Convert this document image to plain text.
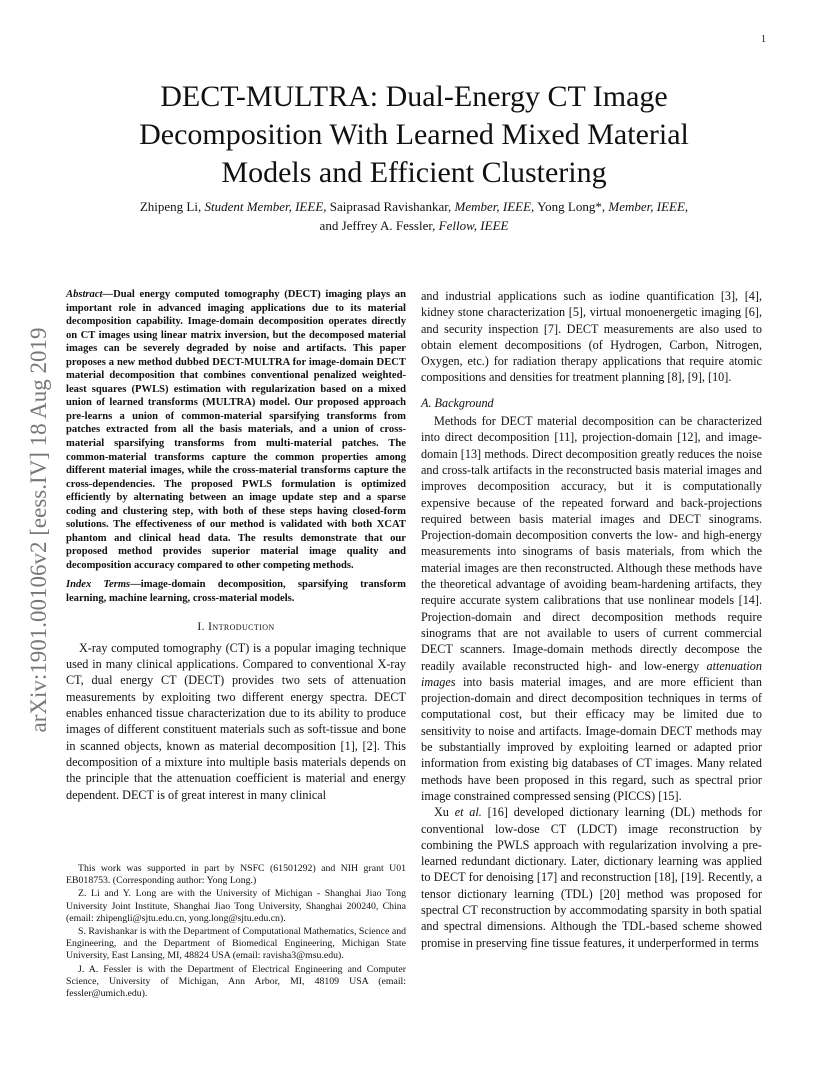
1
DECT-MULTRA: Dual-Energy CT Image
Decomposition With Learned Mixed Material
Models and Efficient Clustering
Zhipeng Li, Student Member, IEEE, Saiprasad Ravishankar, Member, IEEE, Yong Long*, Member, IEEE,
and Jeffrey A. Fessler, Fellow, IEEE
arXiv:1901.00106v2 [eess.IV] 18 Aug 2019
Abstract—Dual energy computed tomography (DECT) imaging plays an important role in advanced imaging applications due to its material decomposition capability. Image-domain decomposition operates directly on CT images using linear matrix inversion, but the decomposed material images can be severely degraded by noise and artifacts. This paper proposes a new method dubbed DECT-MULTRA for image-domain DECT material decomposition that combines conventional penalized weighted-least squares (PWLS) estimation with regularization based on a mixed union of learned transforms (MULTRA) model. Our proposed approach pre-learns a union of common-material sparsifying transforms from patches extracted from all the basis materials, and a union of cross-material sparsifying transforms from multi-material patches. The common-material transforms capture the common properties among different material images, while the cross-material transforms capture the cross-dependencies. The proposed PWLS formulation is optimized efficiently by alternating between an image update step and a sparse coding and clustering step, with both of these steps having closed-form solutions. The effectiveness of our method is validated with both XCAT phantom and clinical head data. The results demonstrate that our proposed method provides superior material image quality and decomposition accuracy compared to other competing methods.
Index Terms—image-domain decomposition, sparsifying transform learning, machine learning, cross-material models.
I. Introduction

X-ray computed tomography (CT) is a popular imaging technique used in many clinical applications. Compared to conventional X-ray CT, dual energy CT (DECT) provides two sets of attenuation measurements by exploiting two different energy spectra. DECT enables enhanced tissue characterization due to its ability to produce images of different constituent materials such as soft-tissue and bone in scanned objects, known as material decomposition [1], [2]. This decomposition of a mixture into multiple basis materials depends on the principle that the attenuation coefficient is material and energy dependent. DECT is of great interest in many clinical

This work was supported in part by NSFC (61501292) and NIH grant U01 EB018753. (Corresponding author: Yong Long.)

Z. Li and Y. Long are with the University of Michigan - Shanghai Jiao Tong University Joint Institute, Shanghai Jiao Tong University, Shanghai 200240, China (email: zhipengli@sjtu.edu.cn, yong.long@sjtu.edu.cn).

S. Ravishankar is with the Department of Computational Mathematics, Science and Engineering, and the Department of Biomedical Engineering, Michigan State University, East Lansing, MI, 48824 USA (email: ravisha3@msu.edu).

J. A. Fessler is with the Department of Electrical Engineering and Computer Science, University of Michigan, Ann Arbor, MI, 48109 USA (email: fessler@umich.edu).

and industrial applications such as iodine quantification [3], [4], kidney stone characterization [5], virtual monoenergetic imaging [6], and security inspection [7]. DECT measurements are also used to obtain element decompositions (of Hydrogen, Carbon, Nitrogen, Oxygen, etc.) for radiation therapy applications that require atomic compositions and densities for treatment planning [8], [9], [10].

A. Background

Methods for DECT material decomposition can be characterized into direct decomposition [11], projection-domain [12], and image-domain [13] methods. Direct decomposition greatly reduces the noise and cross-talk artifacts in the reconstructed basis material images and improves decomposition accuracy, but it is computationally expensive because of the repeated forward and back-projections required between basis material images and DECT sinograms. Projection-domain decomposition converts the low- and high-energy measurements into sinograms of basis materials, from which the material images are then reconstructed. Although these methods have the theoretical advantage of avoiding beam-hardening artifacts, they require accurate system calibrations that use nonlinear models [14]. Projection-domain and direct decomposition methods require sinograms that are not available to users of current commercial DECT scanners. Image-domain methods directly decompose the readily available reconstructed high- and low-energy attenuation images into basis material images, and are more efficient than projection-domain and direct decomposition techniques in terms of computational cost, but their efficacy may be limited due to sensitivity to noise and artifacts. Image-domain DECT methods may be substantially improved by exploiting learned or adapted prior information from existing big databases of CT images. Many related methods have been proposed in this regard, such as spectral prior image constrained compressed sensing (PICCS) [15].

Xu et al. [16] developed dictionary learning (DL) methods for conventional low-dose CT (LDCT) image reconstruction by combining the PWLS approach with regularization involving a pre-learned redundant dictionary. Later, dictionary learning was applied to DECT for denoising [17] and reconstruction [18], [19]. Recently, a tensor dictionary learning (TDL) [20] method was proposed for spectral CT reconstruction by accommodating sparsity in both spatial and spectral dimensions. Although the TDL-based scheme showed promise in preserving fine tissue features, it underperformed in terms
